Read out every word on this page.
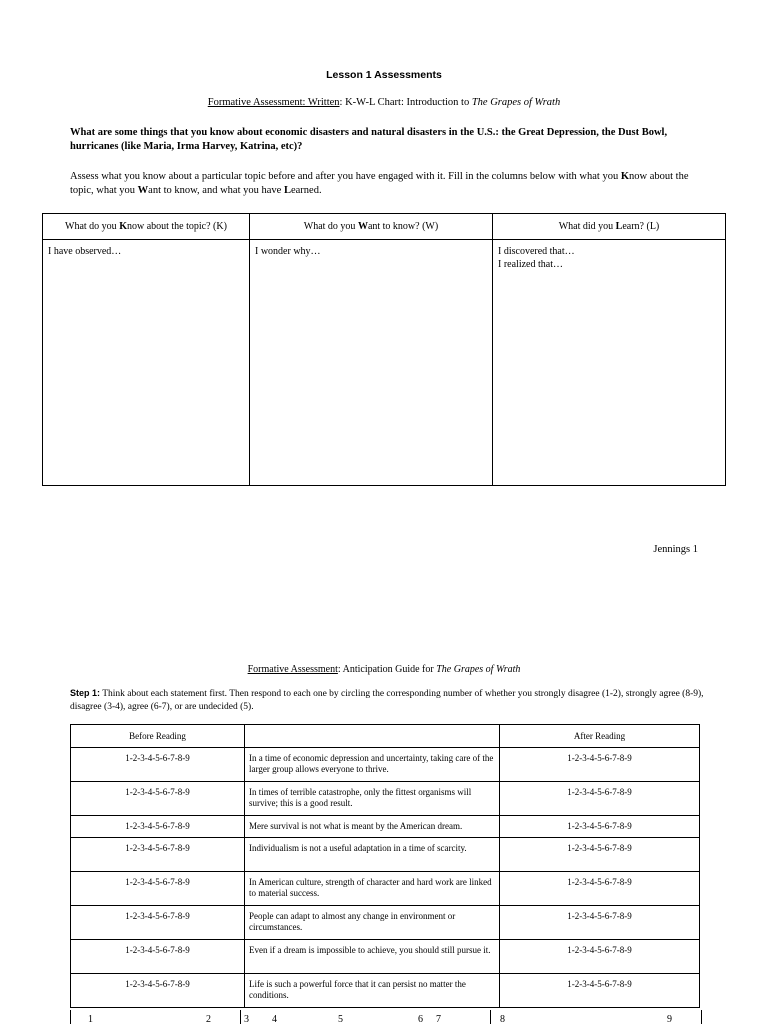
Lesson 1 Assessments
Formative Assessment: Written: K-W-L Chart: Introduction to The Grapes of Wrath
What are some things that you know about economic disasters and natural disasters in the U.S.: the Great Depression, the Dust Bowl, hurricanes (like Maria, Irma Harvey, Katrina, etc)?
Assess what you know about a particular topic before and after you have engaged with it. Fill in the columns below with what you Know about the topic, what you Want to know, and what you have Learned.
What do you Know about the topic? (K)	What do you Want to know? (W)	What did you Learn? (L)
I have observed…	I wonder why…	I discovered that…
I realized that…
Jennings 1
Formative Assessment: Anticipation Guide for The Grapes of Wrath
Step 1: Think about each statement first. Then respond to each one by circling the corresponding number of whether you strongly disagree (1-2), strongly agree (8-9), disagree (3-4), agree (6-7), or are undecided (5).
Before Reading		After Reading
1-2-3-4-5-6-7-8-9	In a time of economic depression and uncertainty, taking care of the larger group allows everyone to thrive.	1-2-3-4-5-6-7-8-9
1-2-3-4-5-6-7-8-9	In times of terrible catastrophe, only the fittest organisms will survive; this is a good result.	1-2-3-4-5-6-7-8-9
1-2-3-4-5-6-7-8-9	Mere survival is not what is meant by the American dream.	1-2-3-4-5-6-7-8-9
1-2-3-4-5-6-7-8-9	Individualism is not a useful adaptation in a time of scarcity.	1-2-3-4-5-6-7-8-9
1-2-3-4-5-6-7-8-9	In American culture, strength of character and hard work are linked to material success.	1-2-3-4-5-6-7-8-9
1-2-3-4-5-6-7-8-9	People can adapt to almost any change in environment or circumstances.	1-2-3-4-5-6-7-8-9
1-2-3-4-5-6-7-8-9	Even if a dream is impossible to achieve, you should still pursue it.	1-2-3-4-5-6-7-8-9
1-2-3-4-5-6-7-8-9	Life is such a powerful force that it can persist no matter the conditions.	1-2-3-4-5-6-7-8-9
1	2	3 4	5	6 7	8	9
